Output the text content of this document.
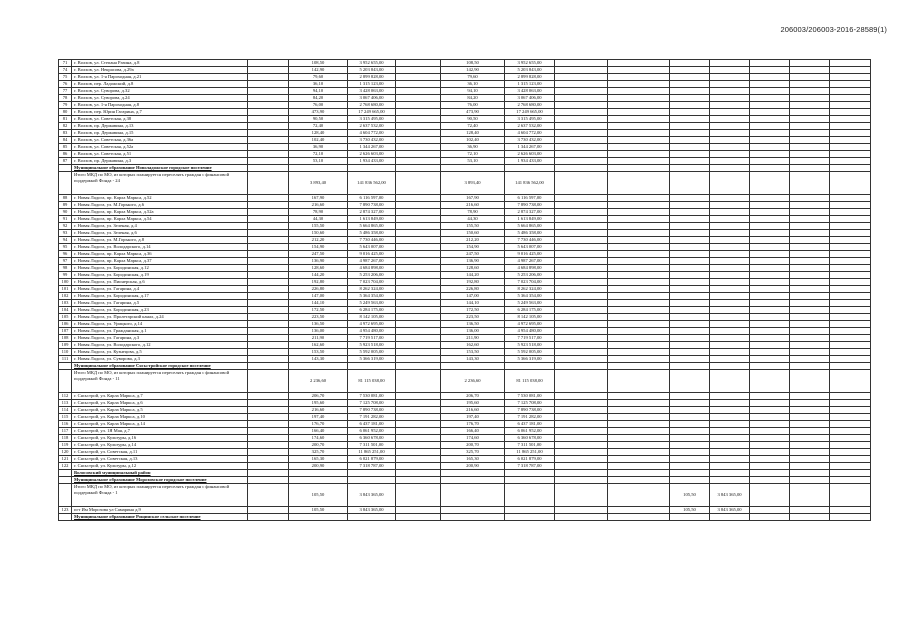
206003/206003-2016-28589(1)
71	г. Волхов, ул. Степана Разина, д.8		108,50	3 952 655,00		108,50	3 952 655,00							
74	г. Волхов, ул. Некрасова, д.29а		142,90	5 203 843,00		142,90	5 203 843,00							
75	г. Волхов, ул. 1-я Пароходная, д.21		79,60	2 899 828,00		79,60	2 899 828,00							
76	г. Волхов, пер. Ладожский, д.8		36,10	1 315 123,00		36,10	1 315 123,00							
77	г. Волхов, ул. Суворова, д.32		94,10	3 428 063,00		94,10	3 428 063,00							
78	г. Волхов, ул. Суворова, д.24		84,20	3 067 406,00		84,20	3 067 406,00							
79	г. Волхов, ул. 1-я Пароходная, д.8		76,00	2 768 680,00		76,00	2 768 680,00							
80	г. Волхов, пер. Юрия Гагарина, д.7		473,90	17 249 665,00		473,90	17 249 665,00							
81	г. Волхов, ул. Советская, д.38		90,50	3 315 495,00		90,50	3 315 495,00							
82	г. Волхов, пр. Державина, д.13		72,40	2 637 532,00		72,40	2 637 532,00							
83	г. Волхов, пр. Державина, д.15		128,40	4 604 772,00		128,40	4 604 772,00							
84	г. Волхов, ул. Советская, д.36а		102,40	3 730 432,00		102,40	3 730 432,00							
85	г. Волхов, ул. Советская, д.52а		36,90	1 344 267,00		36,90	1 344 267,00							
86	г. Волхов, ул. Советская, д.51		72,10	2 626 603,00		72,10	2 626 603,00							
87	г. Волхов, пр. Державина, д.3		53,10	1 934 433,00		53,10	1 934 433,00							
	Муниципальное образование Новоладожское городское поселение													
	Итого МКД по МО, из которых планируется переселять граждан с финансовой поддержкой Фонда - 24		3 893,40	141 836 562,00		3 893,40	141 836 562,00							
88	г. Новая Ладога, пр. Карла Маркса, д.52		167,90	6 116 597,00		167,90	6 116 597,00							
89	г. Новая Ладога, ул. М.Горького, д.6		216,60	7 890 738,00		216,60	7 890 738,00							
90	г. Новая Ладога, пр. Карла Маркса, д.52а		78,90	2 874 327,00		78,90	2 874 327,00							
91	г. Новая Ладога, пр. Карла Маркса, д.54		44,30	1 613 849,00		44,30	1 613 849,00							
92	г. Новая Ладога, ул. Зеленая, д.4		155,50	5 664 865,00		155,50	5 664 865,00							
93	г. Новая Ладога, ул. Зеленая, д.6		150,60	5 486 358,00		150,60	5 486 358,00							
94	г. Новая Ладога, ул. М.Горького, д.8		212,20	7 730 446,00		212,20	7 730 446,00							
95	г. Новая Ладога, ул. Володарского, д.14		154,90	5 643 007,00		154,90	5 643 007,00							
96	г. Новая Ладога, пр. Карла Маркса, д.36		247,50	9 016 425,00		247,50	9 016 425,00							
97	г. Новая Ладога, пр. Карла Маркса, д.37		136,90	4 987 267,00		136,90	4 987 267,00							
98	г. Новая Ладога, ул. Бородинская, д.12		128,60	4 684 898,00		128,60	4 684 898,00							
99	г. Новая Ладога, ул. Бородинская, д.19		144,20	5 253 206,00		144,20	5 253 206,00							
100	г. Новая Ладога, ул. Пионерская, д.6		192,80	7 023 704,00		192,80	7 023 704,00							
101	г. Новая Ладога, ул. Гагарина, д.4		226,80	8 262 324,00		226,80	8 262 324,00							
102	г. Новая Ладога, ул. Бородинская, д.17		147,00	5 364 354,00		147,00	5 364 354,00							
103	г. Новая Ладога, ул. Гагарина, д.5		144,10	5 249 563,00		144,10	5 249 563,00							
104	г. Новая Ладога, ул. Бородинская, д.23		172,50	6 284 175,00		172,50	6 284 175,00							
105	г. Новая Ладога, ул. Пролетарский канал, д.24		223,50	8 142 105,00		223,50	8 142 105,00							
106	г. Новая Ладога, ул. Урицкого, д.14		136,50	4 972 695,00		136,50	4 972 695,00							
107	г. Новая Ладога, ул. Гражданская, д.1		136,00	4 954 480,00		136,00	4 954 480,00							
108	г. Новая Ладога, ул. Гагарина, д.3		211,90	7 719 517,00		211,90	7 719 517,00							
109	г. Новая Ладога, ул. Володарского, д.12		162,60	5 923 518,00		162,60	5 923 518,00							
110	г. Новая Ладога, ул. Кузнецова, д.5		153,50	5 592 005,00		153,50	5 592 005,00							
111	г. Новая Ладога, ул. Суворова, д.3		143,30	5 366 319,00		143,30	5 366 319,00							
	Муниципальное образование Сясьстройское городское поселение													
	Итого МКД по МО, из которых планируется переселять граждан с финансовой поддержкой Фонда - 11		2 236,60	81 115 038,00		2 236,60	81 115 038,00							
112	г. Сясьстрой, ул. Карла Маркса, д.7		206,70	7 530 081,00		206,70	7 530 081,00							
113	г. Сясьстрой, ул. Карла Маркса, д.6		195,60	7 125 708,00		195,60	7 125 708,00							
114	г. Сясьстрой, ул. Карла Маркса, д.5		216,60	7 890 738,00		216,60	7 890 738,00							
115	г. Сясьстрой, ул. Карла Маркса, д.10		197,40	7 191 282,00		197,40	7 191 282,00							
116	г. Сясьстрой, ул. Карла Маркса, д.14		176,70	6 437 181,00		176,70	6 437 181,00							
117	г. Сясьстрой, ул. 1Я Мая, д.7		166,40	6 061 952,00		166,40	6 061 952,00							
118	г. Сясьстрой, ул. Культуры, д.16		174,60	6 360 678,00		174,60	6 360 678,00							
119	г. Сясьстрой, ул. Культуры, д.14		200,70	7 311 501,00		200,70	7 311 501,00							
120	г. Сясьстрой, ул. Советская, д.11		325,70	11 865 251,00		325,70	11 865 251,00							
121	г. Сясьстрой, ул. Советская, д.13		165,30	6 021 879,00		165,30	6 021 879,00							
122	г. Сясьстрой, ул. Культуры, д.12		200,90	7 318 787,00		200,90	7 318 787,00							
	Волосовский муниципальный район													
	Муниципальное образование Морозовское городское поселение													
	Итого МКД по МО, из которых планируется переселять граждан с финансовой поддержкой Фонда - 1		105,50	3 843 365,00						105,50	3 843 365,00			
123	пгт Им Морозова ул Самарина д.9		105,50	3 843 365,00						105,50	3 843 365,00			
	Муниципальное образование Рощинское сельское поселение													
